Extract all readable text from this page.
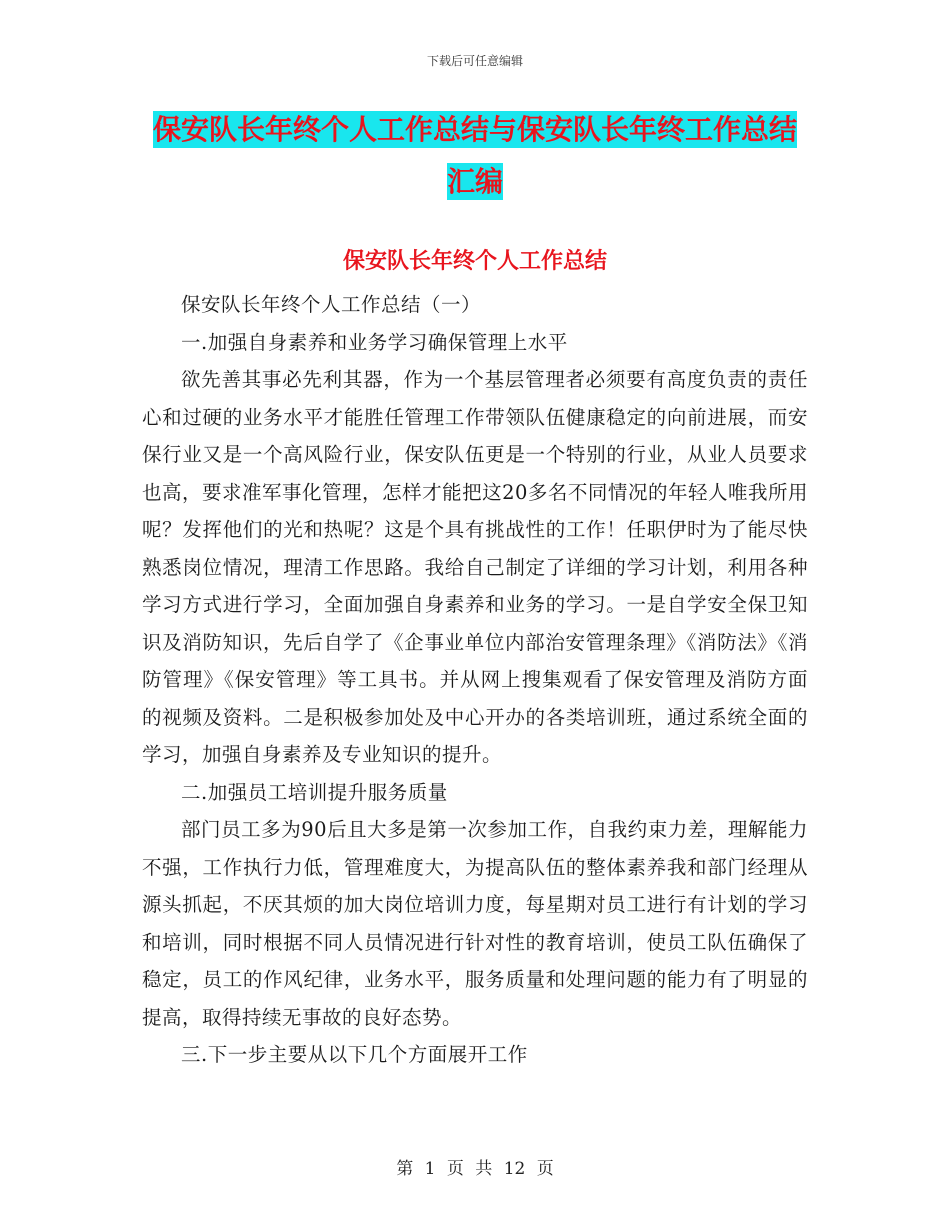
下载后可任意编辑
保安队长年终个人工作总结与保安队长年终工作总结
汇编
保安队长年终个人工作总结

保安队长年终个人工作总结（一）

一.加强自身素养和业务学习确保管理上水平

欲先善其事必先利其器，作为一个基层管理者必须要有高度负责的责任心和过硬的业务水平才能胜任管理工作带领队伍健康稳定的向前进展，而安保行业又是一个高风险行业，保安队伍更是一个特别的行业，从业人员要求也高，要求准军事化管理，怎样才能把这20多名不同情况的年轻人唯我所用呢？发挥他们的光和热呢？这是个具有挑战性的工作！任职伊时为了能尽快熟悉岗位情况，理清工作思路。我给自己制定了详细的学习计划，利用各种学习方式进行学习，全面加强自身素养和业务的学习。一是自学安全保卫知识及消防知识，先后自学了《企事业单位内部治安管理条理》《消防法》《消防管理》《保安管理》等工具书。并从网上搜集观看了保安管理及消防方面的视频及资料。二是积极参加处及中心开办的各类培训班，通过系统全面的学习，加强自身素养及专业知识的提升。

二.加强员工培训提升服务质量

部门员工多为90后且大多是第一次参加工作，自我约束力差，理解能力不强，工作执行力低，管理难度大，为提高队伍的整体素养我和部门经理从源头抓起，不厌其烦的加大岗位培训力度，每星期对员工进行有计划的学习和培训，同时根据不同人员情况进行针对性的教育培训，使员工队伍确保了稳定，员工的作风纪律，业务水平，服务质量和处理问题的能力有了明显的提高，取得持续无事故的良好态势。

三.下一步主要从以下几个方面展开工作

第 1 页 共 12 页
